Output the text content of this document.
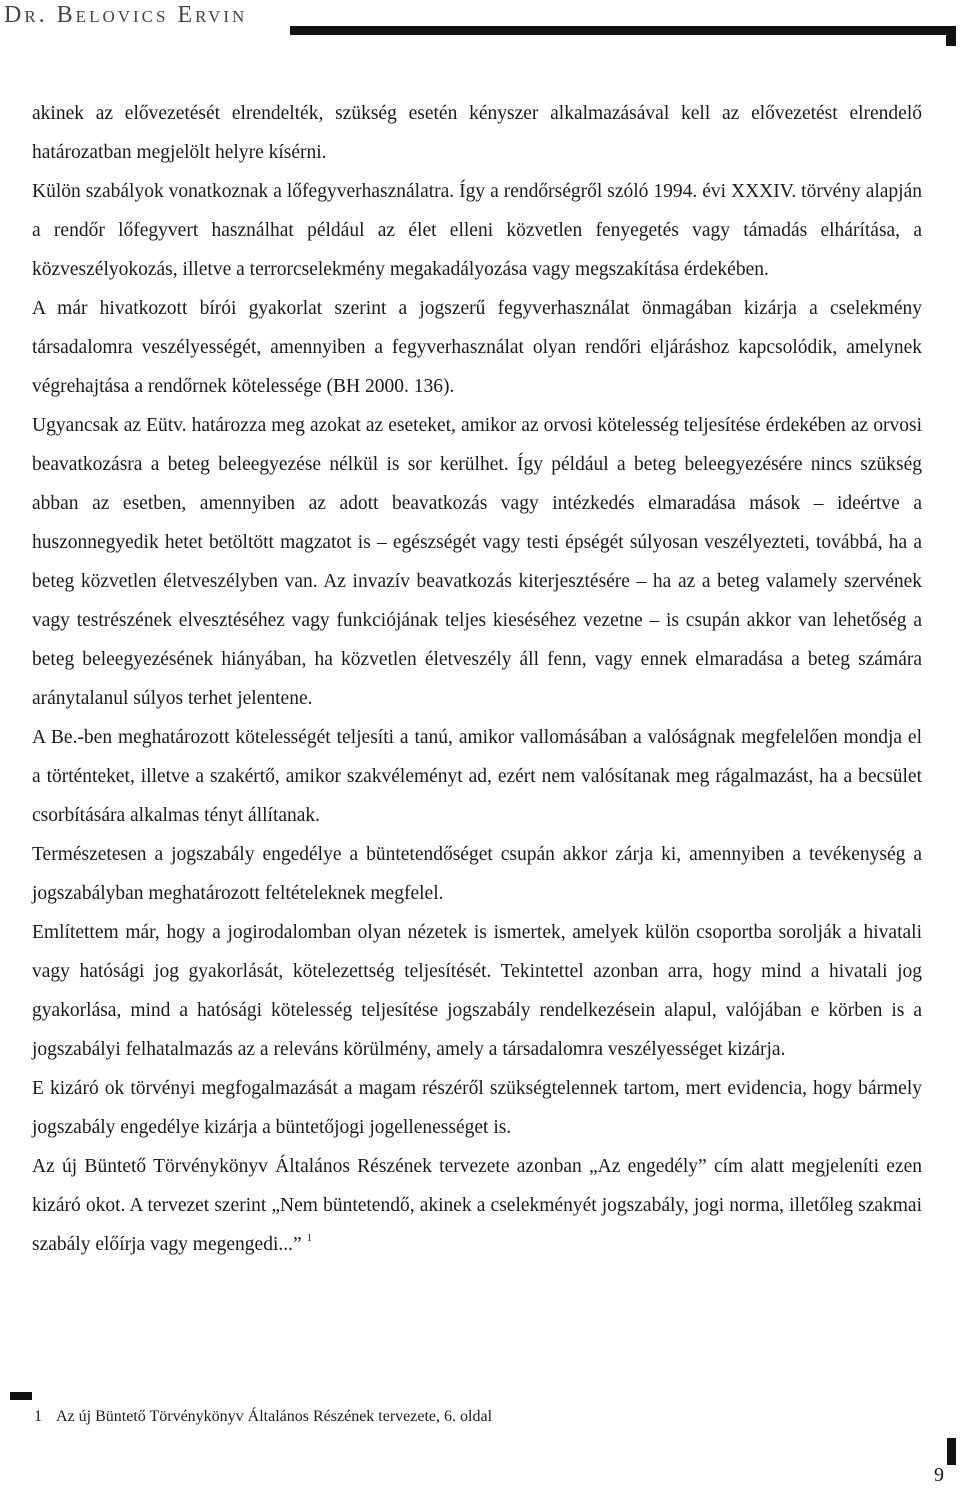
Dr. Belovics Ervin

akinek az elővezetését elrendelték, szükség esetén kényszer alkalmazásával kell az elővezetést elrendelő határozatban megjelölt helyre kísérni.

Külön szabályok vonatkoznak a lőfegyverhasználatra. Így a rendőrségről szóló 1994. évi XXXIV. törvény alapján a rendőr lőfegyvert használhat például az élet elleni közvetlen fenyegetés vagy támadás elhárítása, a közveszélyokozás, illetve a terrorcselekmény megakadályozása vagy megszakítása érdekében.

A már hivatkozott bírói gyakorlat szerint a jogszerű fegyverhasználat önmagában kizárja a cselekmény társadalomra veszélyességét, amennyiben a fegyverhasználat olyan rendőri eljáráshoz kapcsolódik, amelynek végrehajtása a rendőrnek kötelessége (BH 2000. 136).

Ugyancsak az Eütv. határozza meg azokat az eseteket, amikor az orvosi kötelesség teljesítése érdekében az orvosi beavatkozásra a beteg beleegyezése nélkül is sor kerülhet. Így például a beteg beleegyezésére nincs szükség abban az esetben, amennyiben az adott beavatkozás vagy intézkedés elmaradása mások – ideértve a huszonnegyedik hetet betöltött magzatot is – egészségét vagy testi épségét súlyosan veszélyezteti, továbbá, ha a beteg közvetlen életveszélyben van. Az invazív beavatkozás kiterjesztésére – ha az a beteg valamely szervének vagy testrészének elvesztéséhez vagy funkciójának teljes kieséséhez vezetne – is csupán akkor van lehetőség a beteg beleegyezésének hiányában, ha közvetlen életveszély áll fenn, vagy ennek elmaradása a beteg számára aránytalanul súlyos terhet jelentene.

A Be.-ben meghatározott kötelességét teljesíti a tanú, amikor vallomásában a valóságnak megfelelően mondja el a történteket, illetve a szakértő, amikor szakvéleményt ad, ezért nem valósítanak meg rágalmazást, ha a becsület csorbítására alkalmas tényt állítanak.

Természetesen a jogszabály engedélye a büntetendőséget csupán akkor zárja ki, amennyiben a tevékenység a jogszabályban meghatározott feltételeknek megfelel.

Említettem már, hogy a jogirodalomban olyan nézetek is ismertek, amelyek külön csoportba sorolják a hivatali vagy hatósági jog gyakorlását, kötelezettség teljesítését. Tekintettel azonban arra, hogy mind a hivatali jog gyakorlása, mind a hatósági kötelesség teljesítése jogszabály rendelkezésein alapul, valójában e körben is a jogszabályi felhatalmazás az a releváns körülmény, amely a társadalomra veszélyességet kizárja.

E kizáró ok törvényi megfogalmazását a magam részéről szükségtelennek tartom, mert evidencia, hogy bármely jogszabály engedélye kizárja a büntetőjogi jogellenességet is.

Az új Büntető Törvénykönyv Általános Részének tervezete azonban „Az engedély” cím alatt megjeleníti ezen kizáró okot. A tervezet szerint „Nem büntetendő, akinek a cselekményét jogszabály, jogi norma, illetőleg szakmai szabály előírja vagy megengedi...” $^1$

1 Az új Büntető Törvénykönyv Általános Részének tervezete, 6. oldal
9
